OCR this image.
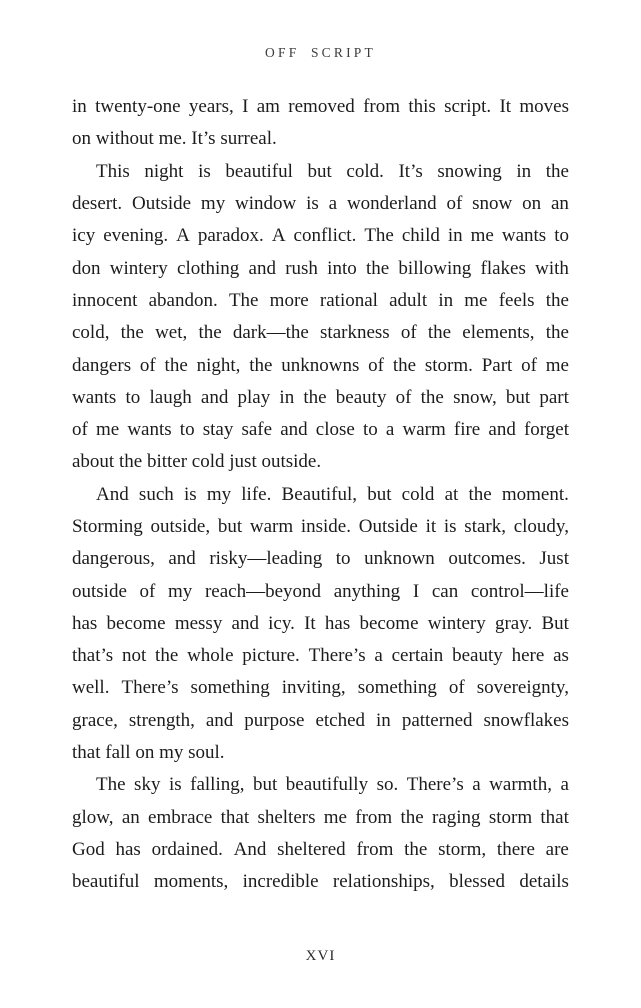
OFF SCRIPT
in twenty-one years, I am removed from this script. It moves
on without me. It’s surreal.
This night is beautiful but cold. It’s snowing in the
desert. Outside my window is a wonderland of snow on an
icy evening. A paradox. A conflict. The child in me wants to
don wintery clothing and rush into the billowing flakes with
innocent abandon. The more rational adult in me feels the
cold, the wet, the dark—the starkness of the elements, the
dangers of the night, the unknowns of the storm. Part of me
wants to laugh and play in the beauty of the snow, but part
of me wants to stay safe and close to a warm fire and forget
about the bitter cold just outside.
And such is my life. Beautiful, but cold at the moment.
Storming outside, but warm inside. Outside it is stark, cloudy,
dangerous, and risky—leading to unknown outcomes. Just
outside of my reach—beyond anything I can control—life
has become messy and icy. It has become wintery gray. But
that’s not the whole picture. There’s a certain beauty here as
well. There’s something inviting, something of sovereignty,
grace, strength, and purpose etched in patterned snowflakes
that fall on my soul.
The sky is falling, but beautifully so. There’s a warmth, a
glow, an embrace that shelters me from the raging storm that
God has ordained. And sheltered from the storm, there are
beautiful moments, incredible relationships, blessed details
XVI
